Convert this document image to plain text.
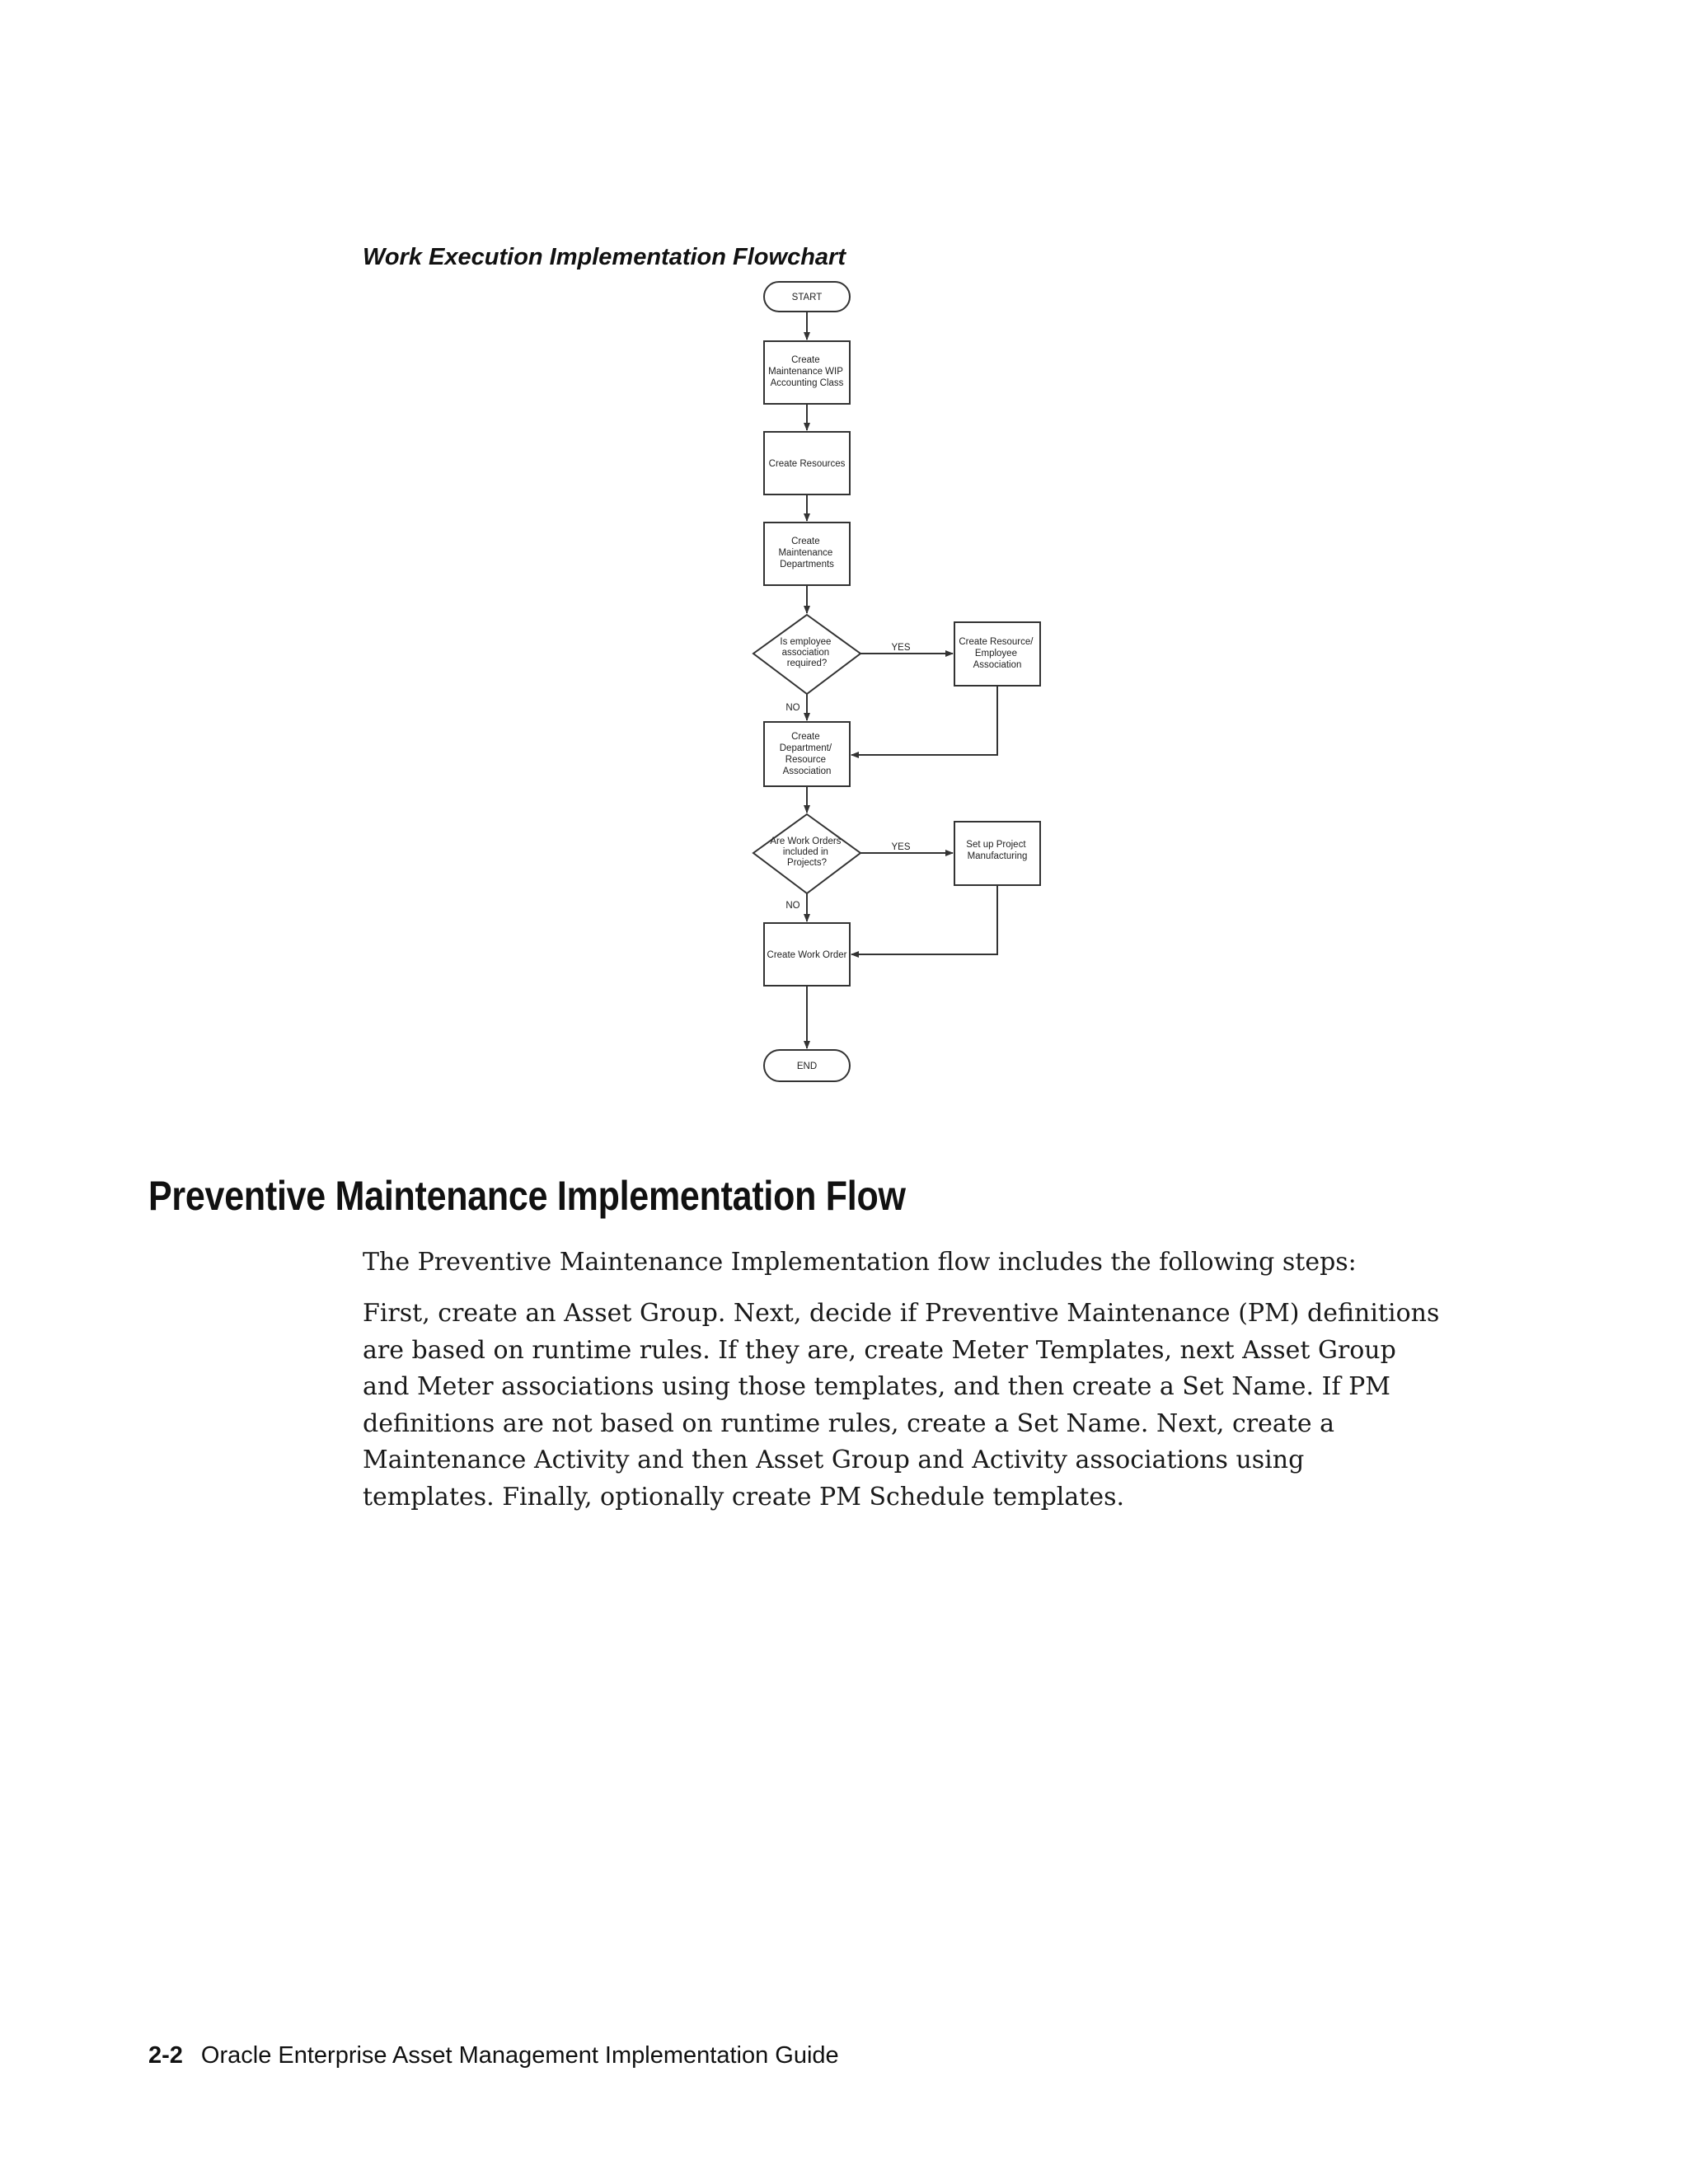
Work Execution Implementation Flowchart

START
Create Maintenance WIP Accounting Class
Create Resources
Create Maintenance Departments
Is employee association required?
YES
NO
Create Resource/ Employee Association
Create Department/ Resource Association
Are Work Orders included in Projects?
YES
NO
Set up Project Manufacturing
Create Work Order
END
Preventive Maintenance Implementation Flow

The Preventive Maintenance Implementation flow includes the following steps:

First, create an Asset Group. Next, decide if Preventive Maintenance (PM) definitions are based on runtime rules. If they are, create Meter Templates, next Asset Group and Meter associations using those templates, and then create a Set Name. If PM definitions are not based on runtime rules, create a Set Name. Next, create a Maintenance Activity and then Asset Group and Activity associations using templates. Finally, optionally create PM Schedule templates.

2-2 Oracle Enterprise Asset Management Implementation Guide
